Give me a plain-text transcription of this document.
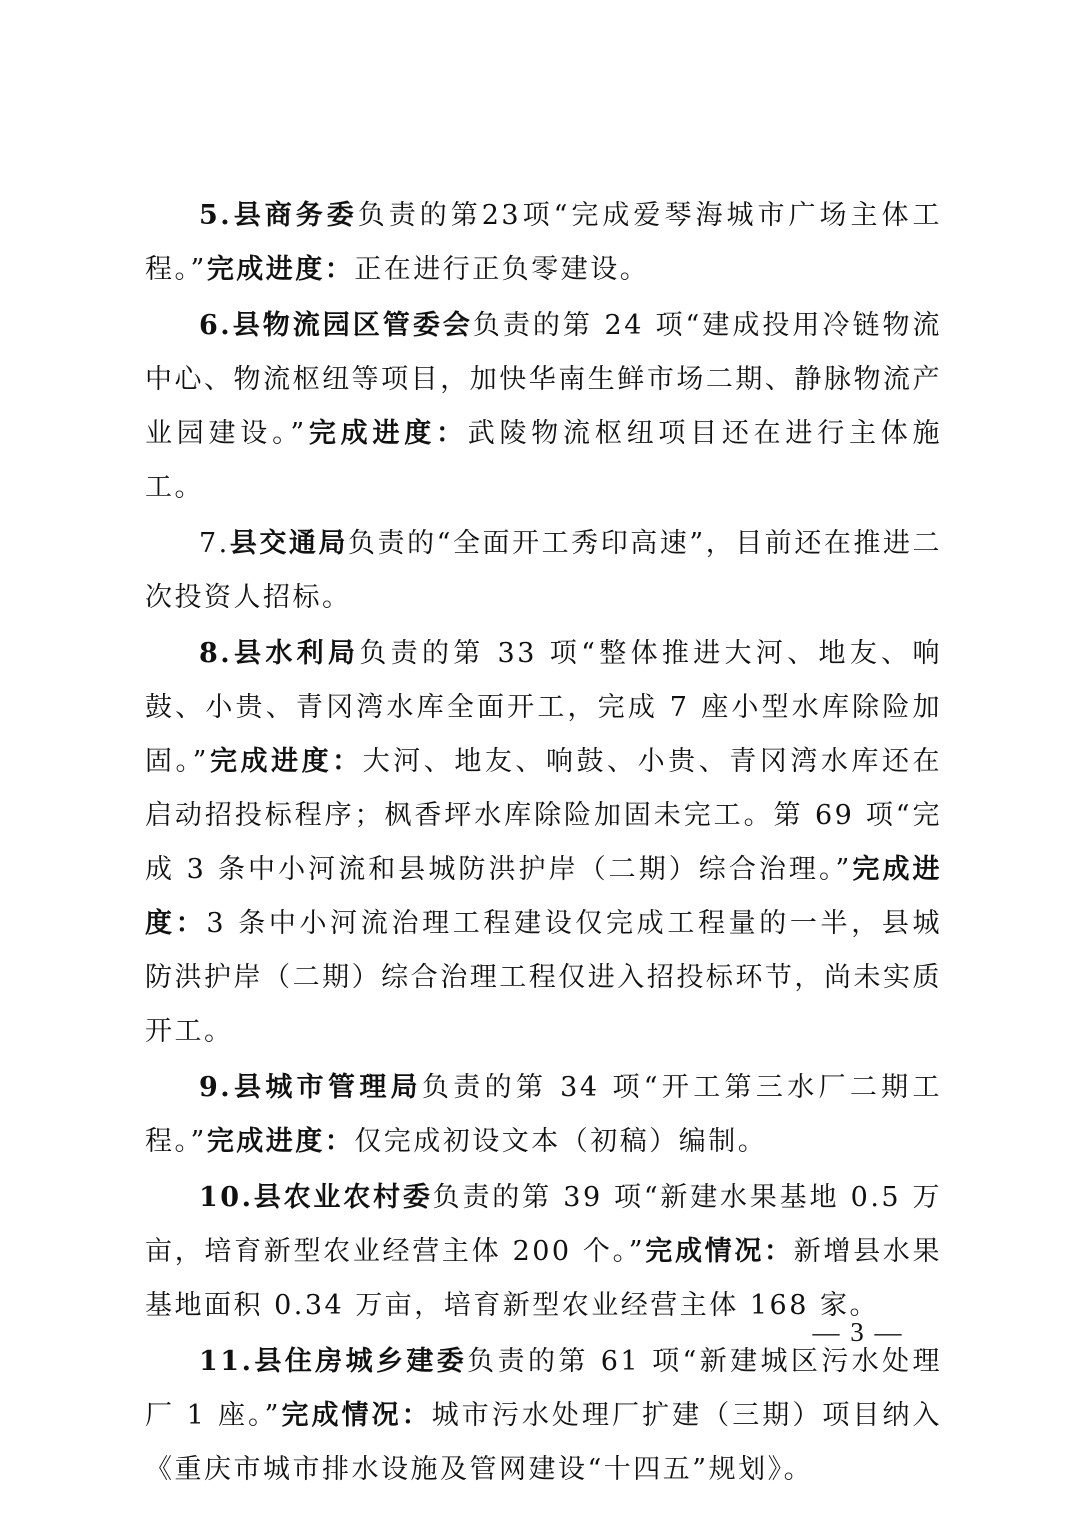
5.县商务委负责的第23项“完成爱琴海城市广场主体工程。”完成进度：正在进行正负零建设。

6.县物流园区管委会负责的第 24 项“建成投用冷链物流中心、物流枢纽等项目，加快华南生鲜市场二期、静脉物流产业园建设。”完成进度：武陵物流枢纽项目还在进行主体施工。

7.县交通局负责的“全面开工秀印高速”，目前还在推进二次投资人招标。

8.县水利局负责的第 33 项“整体推进大河、地友、响鼓、小贵、青冈湾水库全面开工，完成 7 座小型水库除险加固。”完成进度：大河、地友、响鼓、小贵、青冈湾水库还在启动招投标程序；枫香坪水库除险加固未完工。第 69 项“完成 3 条中小河流和县城防洪护岸（二期）综合治理。”完成进度：3 条中小河流治理工程建设仅完成工程量的一半，县城防洪护岸（二期）综合治理工程仅进入招投标环节，尚未实质开工。

9.县城市管理局负责的第 34 项“开工第三水厂二期工程。”完成进度：仅完成初设文本（初稿）编制。

10.县农业农村委负责的第 39 项“新建水果基地 0.5 万亩，培育新型农业经营主体 200 个。”完成情况：新增县水果基地面积 0.34 万亩，培育新型农业经营主体 168 家。

11.县住房城乡建委负责的第 61 项“新建城区污水处理厂 1 座。”完成情况：城市污水处理厂扩建（三期）项目纳入《重庆市城市排水设施及管网建设“十四五”规划》。

— 3 —
